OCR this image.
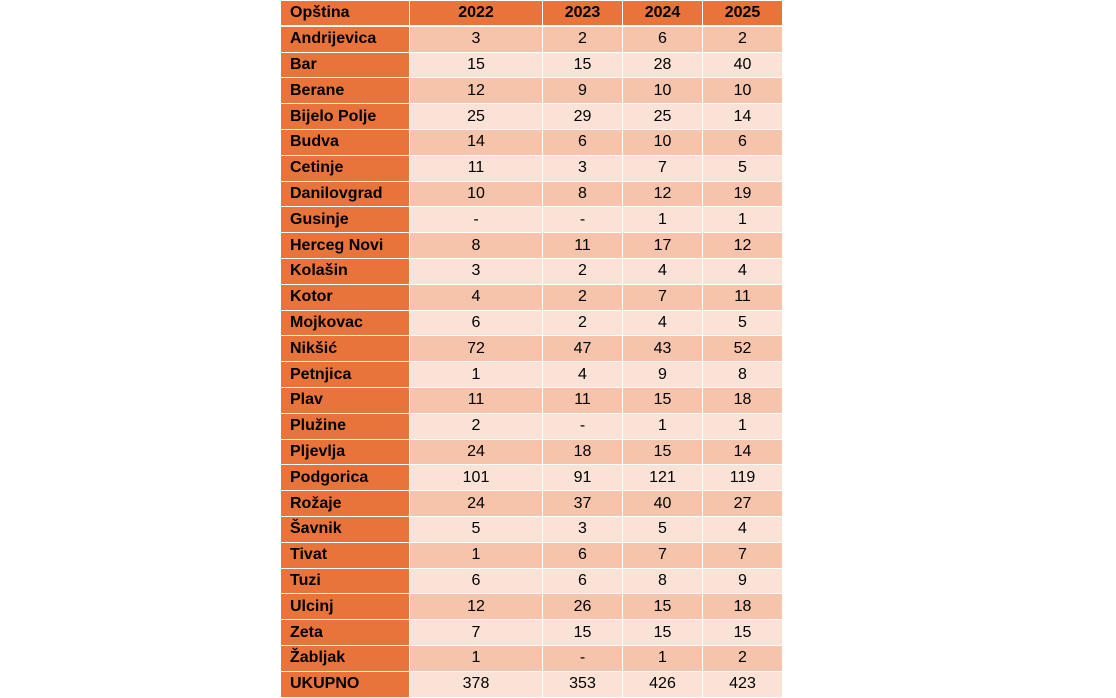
Opština	2022	2023	2024	2025
Andrijevica	3	2	6	2
Bar	15	15	28	40
Berane	12	9	10	10
Bijelo Polje	25	29	25	14
Budva	14	6	10	6
Cetinje	11	3	7	5
Danilovgrad	10	8	12	19
Gusinje	-	-	1	1
Herceg Novi	8	11	17	12
Kolašin	3	2	4	4
Kotor	4	2	7	11
Mojkovac	6	2	4	5
Nikšić	72	47	43	52
Petnjica	1	4	9	8
Plav	11	11	15	18
Plužine	2	-	1	1
Pljevlja	24	18	15	14
Podgorica	101	91	121	119
Rožaje	24	37	40	27
Šavnik	5	3	5	4
Tivat	1	6	7	7
Tuzi	6	6	8	9
Ulcinj	12	26	15	18
Zeta	7	15	15	15
Žabljak	1	-	1	2
UKUPNO	378	353	426	423
